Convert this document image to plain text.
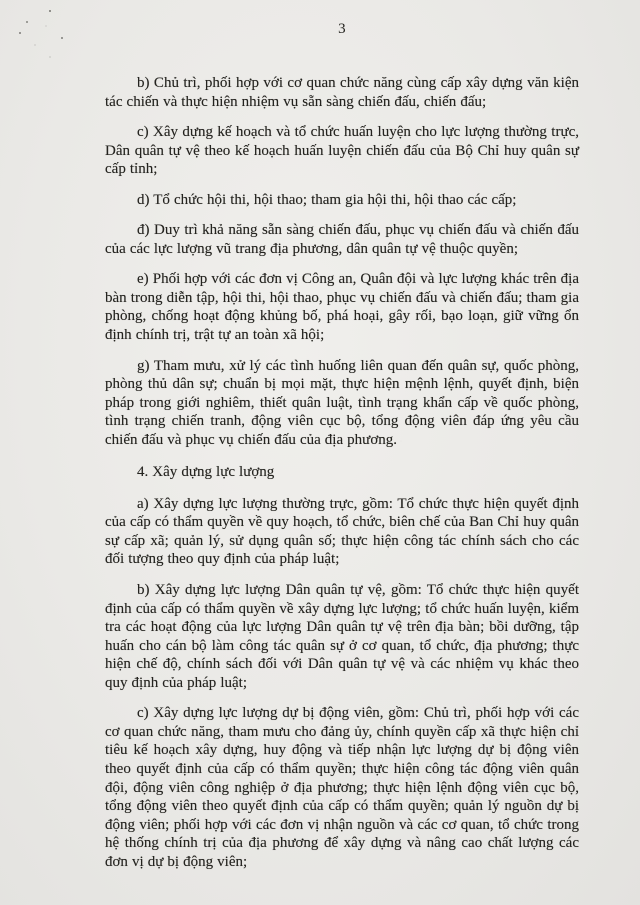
3

b) Chủ trì, phối hợp với cơ quan chức năng cùng cấp xây dựng văn kiện tác chiến và thực hiện nhiệm vụ sẵn sàng chiến đấu, chiến đấu;

c) Xây dựng kế hoạch và tổ chức huấn luyện cho lực lượng thường trực, Dân quân tự vệ theo kế hoạch huấn luyện chiến đấu của Bộ Chỉ huy quân sự cấp tỉnh;

d) Tổ chức hội thi, hội thao; tham gia hội thi, hội thao các cấp;

đ) Duy trì khả năng sẵn sàng chiến đấu, phục vụ chiến đấu và chiến đấu của các lực lượng vũ trang địa phương, dân quân tự vệ thuộc quyền;

e) Phối hợp với các đơn vị Công an, Quân đội và lực lượng khác trên địa bàn trong diễn tập, hội thi, hội thao, phục vụ chiến đấu và chiến đấu; tham gia phòng, chống hoạt động khủng bố, phá hoại, gây rối, bạo loạn, giữ vững ổn định chính trị, trật tự an toàn xã hội;

g) Tham mưu, xử lý các tình huống liên quan đến quân sự, quốc phòng, phòng thủ dân sự; chuẩn bị mọi mặt, thực hiện mệnh lệnh, quyết định, biện pháp trong giới nghiêm, thiết quân luật, tình trạng khẩn cấp về quốc phòng, tình trạng chiến tranh, động viên cục bộ, tổng động viên đáp ứng yêu cầu chiến đấu và phục vụ chiến đấu của địa phương.

4. Xây dựng lực lượng

a) Xây dựng lực lượng thường trực, gồm: Tổ chức thực hiện quyết định của cấp có thẩm quyền về quy hoạch, tổ chức, biên chế của Ban Chỉ huy quân sự cấp xã; quản lý, sử dụng quân số; thực hiện công tác chính sách cho các đối tượng theo quy định của pháp luật;

b) Xây dựng lực lượng Dân quân tự vệ, gồm: Tổ chức thực hiện quyết định của cấp có thẩm quyền về xây dựng lực lượng; tổ chức huấn luyện, kiểm tra các hoạt động của lực lượng Dân quân tự vệ trên địa bàn; bồi dưỡng, tập huấn cho cán bộ làm công tác quân sự ở cơ quan, tổ chức, địa phương; thực hiện chế độ, chính sách đối với Dân quân tự vệ và các nhiệm vụ khác theo quy định của pháp luật;

c) Xây dựng lực lượng dự bị động viên, gồm: Chủ trì, phối hợp với các cơ quan chức năng, tham mưu cho đảng ủy, chính quyền cấp xã thực hiện chỉ tiêu kế hoạch xây dựng, huy động và tiếp nhận lực lượng dự bị động viên theo quyết định của cấp có thẩm quyền; thực hiện công tác động viên quân đội, động viên công nghiệp ở địa phương; thực hiện lệnh động viên cục bộ, tổng động viên theo quyết định của cấp có thẩm quyền; quản lý nguồn dự bị động viên; phối hợp với các đơn vị nhận nguồn và các cơ quan, tổ chức trong hệ thống chính trị của địa phương để xây dựng và nâng cao chất lượng các đơn vị dự bị động viên;
